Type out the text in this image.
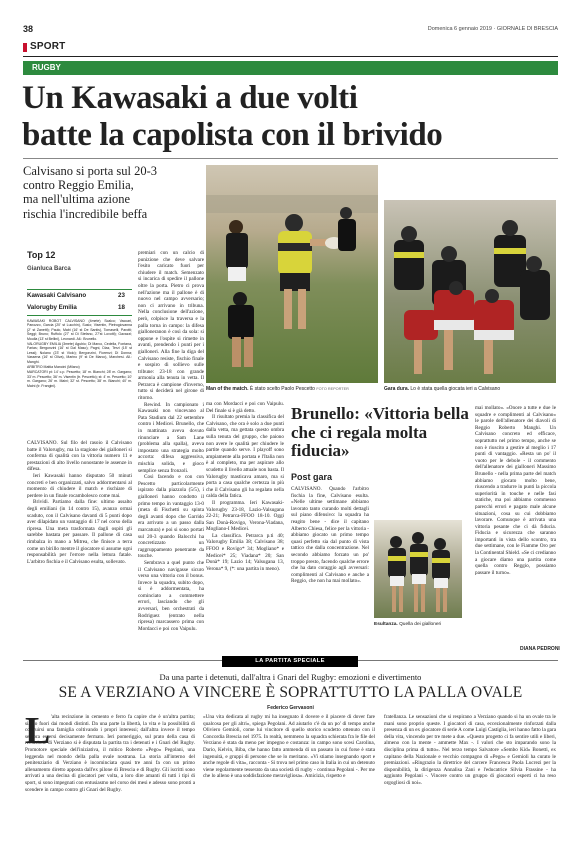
38	Domenica 6 gennaio 2019 · GIORNALE DI BRESCIA
SPORT
RUGBY
Un Kawasaki a due volti
batte la capolista con il brivido
Calvisano si porta sul 20-3
contro Reggio Emilia,
ma nell'ultima azione
rischia l'incredibile beffa
Top 12
Gianluca Barca
Kawasaki Calvisano	23
Valorugby Emilia	18

KAWASAKI ROBOT CALVISANO (4mete) Scalco; Vaccari, Panozzo, Garcia (20' st Lucchin), Susio; Visentin, Pietrogiovanna (2' st Zanetti); Paulo, Mabi (16' st De Santis), Tomaselli, Parotti; Seggi; Bruno; Ruffolo (27' st Di Stefano, 27'st Lovotti); Gavazzi; Moulla (13' st Bellini), Leonardi. All.: Brunello.

VALORUGBY EMILIA (3mete) Agubio; Di Marco, Cedella, Fontana, Farias; Bergonzini (16' st Dal Maso); Pagni, Diaz, Terzi (15' st Lessi); Nolano (23' st Violo); Bergonzini, Fiorenzi; Di Donna; Vassena (16' st Oliva), Marino (9' st De Marco), Marchesi. All.: Manghi.

ARBITRO Mattia Mancini (Milano)

MARCATORI pt: 14' c.p. Pescetto; 18' m. Bianchi; 28' m. Gargano; 33' m. Pescetto; 36' m. Visentin (tr. Pescetto); st: 4' m. Pescetto; 10' m. Gargano; 26' m. Maini; 32' st. Pescetto; 38' m. Bianchi; 40' m. Maini (tr. Frangini).

CALVISANO. Sul filo del rasoio il Calvisano batte il Valorugby, ma la stagione dei gialloneri si conferma di qualità con la vittoria numero 11 e prestazioni di alto livello nonostante le assenze in difesa.

Ieri Kawasaki hanno disputato 50 minuti concreti e ben organizzati, salvo addormentarsi al momento di chiudere il match e rischiare di perdere in un finale rocambolesco come mai.

Brividi. Partiamo dalla fine: ultimo assalto degli emiliani (in 14 contro 15), avanzo ormai scaduto, con il Calvisano davanti di 5 punti dopo aver dilapidato un vantaggio di 17 nel corso della ripresa. Una meta trasformata dagli ospiti gli sarebbe bastata per passare. Il pallone di casa rimbalza in mano a Mitrea, che finisce a terra come un birillo mentre il giocatore si assume ogni responsabilità per l'errore nella lettura fatale. L'arbitro fischia e il Calvisano esulta, sollevato.

premiari con un calcio di punizione che deve salvare l'esito caricato fuori per chiudere il match. Semenzato si incarica di spedire il pallone oltre la porta. Pietro ci prova nell'azione ma il pallone è di nuovo nel campo avversario; non ci arrivano in tribuna. Nella conclusione dell'azione, però, colpisce la traversa e la palla torna in campo: la difesa gialloneranon è così da sola: si oppone e l'ospite si rimette in avanti, prendendo i punti per i gialloneri. Alla fine la diga del Calvisano resiste, fischio finale e sospiro di sollievo sulle tribune: 23-18 con grande armonia alla tenuta in vetta. Il Petrarca è campione d'inverno, tutto si deciderà nel girone di ritorno.

Rewind. In campionato i Kawasaki non vincevano al Pata Stadium dal 22 settembre contro i Medicei. Brunello, che in mattinata aveva dovuto rinunciare a Sam Lane (problema alla spalla), aveva impostato una strategia molto accorta: difesa aggressiva, mischia solida, e gioco semplice senza fronzoli.

Così facendo e con con Pescetto particolarmente ispirato dalla piazzola (5/5), i gialloneri hanno condotto il primo tempo in vantaggio 13-0 (meta di Fischetti su spinta degli avanti dopo che Garrido era arrivato a un passo dalla marcatura) e poi si sono portati sul 20-3 quando Balocchi ha concretizzato un raggruppamento penetrante da touche.

Sembrava a quel punto che il Calvisano navigasse sicuro verso una vittoria con il bonus. Invece la squadra, subito dopo, si è addormentata, ha cominciato a commettere errori, lasciando che gli avversari, ben orchestrati da Rodriguez (entrato nella ripresa) marcassero prima con Mordacci e poi con Vaipulu.

Man of the match. È stato scelto Paolo Pescetto FOTO REPORTER	Gara dura. Lo è stata quella giocata ieri a Calvisano

ma con Mordacci e poi con Vaipulu. Del finale si è già detto.

Il risultato premia la classifica del Calvisano, che ora è solo a due punti dalla vetta, ma gettata questo ombra sulla tenuta del gruppo, che paiono non avere le qualità per chiudere le partite quando serve. I playoff sono ampiamente alla portata e l'Italia non è al completo, ma per aspirare allo scudetto il livello attuale non basta. Il Valorugby masticava amaro, ma si porta a casa qualche certezza in più che il Calvisano gli ha regalato nella calda della fatica.

Il programma. Ieri Kawasaki-Valorugby 23-18, Lazio-Valsugana 22-21; Petrarca-FFOO 18-10. Oggi San Donà-Rovigo, Verona-Viadana, Mogliano-I Medicei.

La classifica. Petrarca p.ti 40; Valorugby Emilia 38; Calvisano 38; FFOO e Rovigo* 34; Mogliano* e Medicei* 25; Viadana* 20; San Donà* 19; Lazio 14; Valsugana 13, Verona* 9, (*: una partita in meno).

Brunello: «Vittoria bella che ci regala molta fiducia»
Post gara

CALVISANO. Quando l'arbitro fischia la fine, Calvisano esulta. «Nelle ultime settimane abbiamo lavorato tanto curando molti dettagli sul piano difensivo: la squadra ha reagito bene - dice il capitano Alberto Chiesa, felice per la vittoria - abbiamo giocato un primo tempo quasi perfetto sia dal punto di vista tattico che dalla concentrazione. Nel secondo abbiamo forzato un po' troppo presto, facendo qualche errore che ha dato coraggio agli avversari: complimenti al Calvisano e anche a Reggio, che non ha mai mollato».

Esultanza. Quella dei gialloneri

mai mollato». «Onore a tutte e due le squadre e complimenti al Calvisano» le parole dell'allenatore dei diavoli di Reggio Roberto Manghi. Un Calvisano concreto ed efficace, soprattutto nel primo tempo, anche se non è riuscito a gestire al meglio i 17 punti di vantaggio. «Resta un po' il vuoto per le debole - il commento dell'allenatore dei gialloneri Massimo Brunello - nella prima parte del match abbiamo giocato molto bene, riuscendo a tradurre in punti la piccola superiorità in touche e nelle fasi statiche, ma poi abbiamo commesso parecchi errori e pagato male alcune situazioni, cosa su cui dobbiamo lavorare. Comunque è arrivata una vittoria pesante che ci dà fiducia. Fiducia e sicurezza che saranno importanti in vista dello scontro, tra due settimane, con le Fiamme Oro per la Continental Shield. «Se ci credianno a giocare diamo una partita come quella contro Reggio, possiamo passare il turno».

DIANA PEDRONI
LA PARTITA SPECIALE
Da una parte i detenuti, dall'altra i Gnari del Rugby: emozioni e divertimento
SE A VERZIANO A VINCERE È SOPRATTUTTO LA PALLA OVALE
Federico Gervasoni
L 'alta recinzione in cemento e ferro fa capire che è un'altra partita; siamo fuori dai mondi distinti. Da una parte la libertà, la vita e la possibilità di costruirsi una famiglia coltivando i propri interessi; dall'altra invece il tempo sembra essersi decisamente fermato. Ieri pomeriggio, sul prato della casa di reclusione di Verziano si è disputata la partita tra i detenuti e i Gnari del Rugby. Promotore speciale dell'iniziativa, il mitico Roberto «Pego» Pegolani, una leggenda nel mondo della palla ovale nostrana. La storia all'interno del penitenziario di Verziano è incominciata quasi tre anni fa con un primo allenamento diretto apposta dall'ex pilone di Brescia e di Rugby. Gli iscritti sono arrivati a una decina di giocatori per volta, a loro dire amanti di tutti i tipi di sport, si sono impegnati con entusiasmo nel corso dei mesi e adesso sono pronti a scendere in campo contro gli Gnari del Rugby.

«Una vita dedicata al rugby mi ha insegnato il dovere e il piacere di dover fare qualcosa per gli altri», spiega Pegolani. Ad aiutarlo c'è da un po' di tempo anche Oliviero Gemioli, come lui vincitore di quello storico scudetto ottenuto con il Concordia Brescia nel 1975. In realtà, nemmeno la squadra schierata fra le file del Verziano è stata da meno per impegno e costanza: in campo sono scesi Carolina, Dario, Kelvin, Biba, che hanno fatto ammenda di un passato in cui forse è stata ingenuità, e gruppi di persone che se lo meritano. «Vi stiamo insegnando sport e anche regole di vita», racconta - Si trova nel primo caso in Italia in cui un detenuto viene regolarmente tesserato da una società di rugby - continua Pegolani -. Per me che lo alleno è una soddisfazione meravigliosa». Amicizia, rispetto e

fratellanza. Le sensazioni che si respirano a Verziano quando si ha un ovale tra le mani sono proprio queste. I giocatori di casa, eccezionalmente rinforzati dalla presenza di un ex giocatore di serie A come Luigi Castiglia, ieri hanno fatto la gara della vita, vincendo per tre mete a due. «Questo progetto ci fa sentire utili e liberi, almeno con la mente - ammette Max -. I valori che sto imparando sono la disciplina prima di tutto». Nel terzo tempo Salvatore «Sembo Kid» Bonetti, ex capitano della Nazionale e vecchio compagno di «Pego» e Gemioli ha curato le premiazioni. «Ringrazio la direttrice del carcere Francesca Paola Lucrezi per la disponibilità, la dirigenza Annalisa Zani e l'educatrice Silvia Frassine - ha aggiunto Pegolani -. Vincere contro un gruppo di giocatori esperti ci ha reso orgogliosi di noi».
